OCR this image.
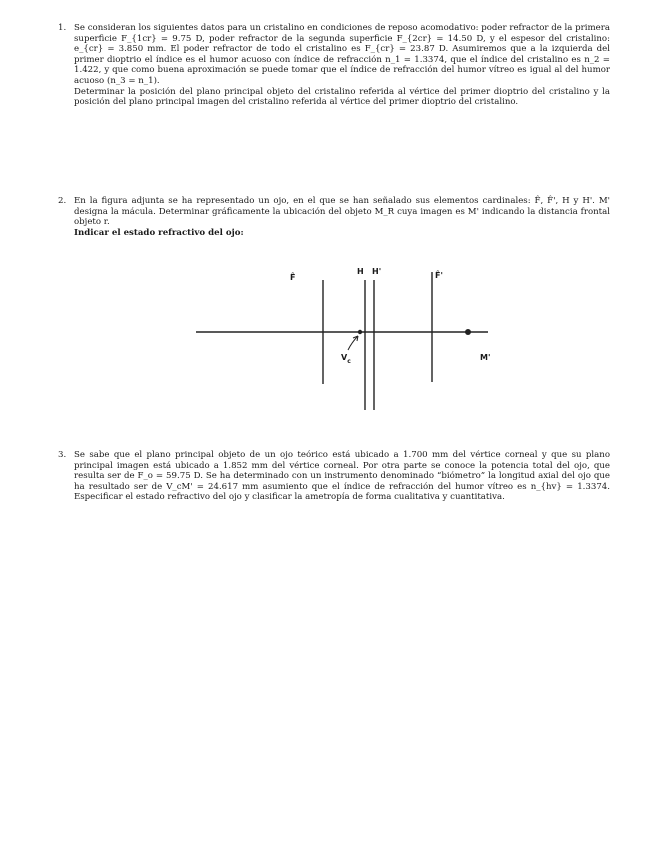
1. Se consideran los siguientes datos para un cristalino en condiciones de reposo acomodativo: poder refractor de la primera superficie F_{1cr} = 9.75 D, poder refractor de la segunda superficie F_{2cr} = 14.50 D, y el espesor del cristalino: e_{cr} = 3.850 mm. El poder refractor de todo el cristalino es F_{cr} = 23.87 D. Asumiremos que a la izquierda del primer dioptrio el índice es el humor acuoso con índice de refracción n_1 = 1.3374, que el índice del cristalino es n_2 = 1.422, y que como buena aproximación se puede tomar que el índice de refracción del humor vítreo es igual al del humor acuoso (n_3 = n_1).

Determinar la posición del plano principal objeto del cristalino referida al vértice del primer dioptrio del cristalino y la posición del plano principal imagen del cristalino referida al vértice del primer dioptrio del cristalino.

2. En la figura adjunta se ha representado un ojo, en el que se han señalado sus elementos cardinales: F̂, F̂', H y H'. M' designa la mácula. Determinar gráficamente la ubicación del objeto M_R cuya imagen es M' indicando la distancia frontal objeto r.

Indicar el estado refractivo del ojo:

F̂
H H'	F̂'
$V_c$	M'
3. Se sabe que el plano principal objeto de un ojo teórico está ubicado a 1.700 mm del vértice corneal y que su plano principal imagen está ubicado a 1.852 mm del vértice corneal. Por otra parte se conoce la potencia total del ojo, que resulta ser de F_o = 59.75 D. Se ha determinado con un instrumento denominado “biómetro” la longitud axial del ojo que ha resultado ser de V_cM' = 24.617 mm asumiento que el índice de refracción del humor vítreo es n_{hv} = 1.3374. Especificar el estado refractivo del ojo y clasificar la ametropía de forma cualitativa y cuantitativa.
